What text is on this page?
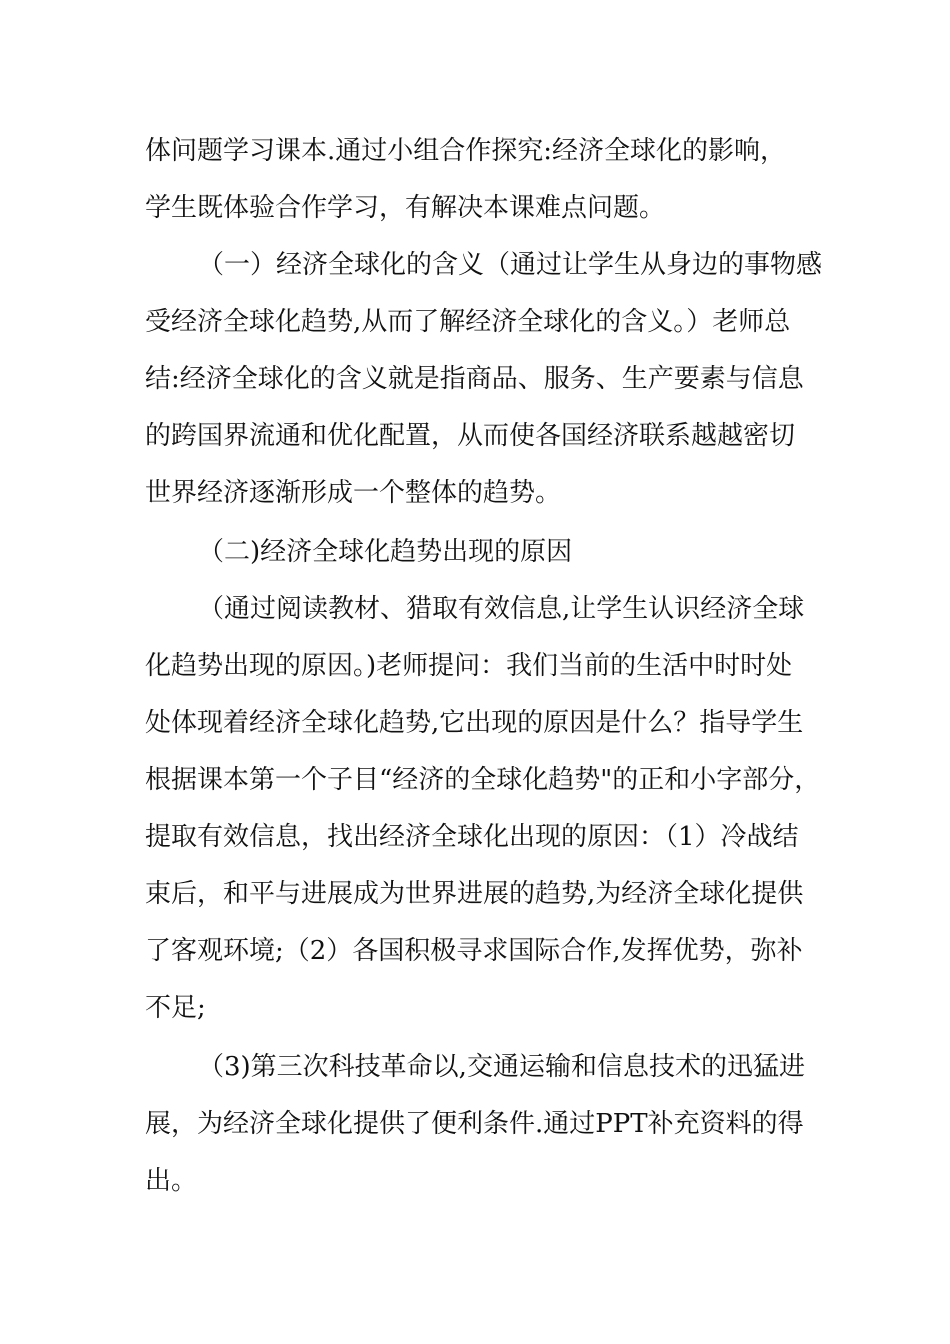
体问题学习课本.通过小组合作探究:经济全球化的影响，
学生既体验合作学习，有解决本课难点问题。
（一）经济全球化的含义（通过让学生从身边的事物感
受经济全球化趋势,从而了解经济全球化的含义。）老师总
结:经济全球化的含义就是指商品、服务、生产要素与信息
的跨国界流通和优化配置，从而使各国经济联系越越密切
世界经济逐渐形成一个整体的趋势。
（二)经济全球化趋势出现的原因
（通过阅读教材、猎取有效信息,让学生认识经济全球
化趋势出现的原因。)老师提问：我们当前的生活中时时处
处体现着经济全球化趋势,它出现的原因是什么？指导学生
根据课本第一个子目“经济的全球化趋势"的正和小字部分，
提取有效信息，找出经济全球化出现的原因：（1）冷战结
束后，和平与进展成为世界进展的趋势,为经济全球化提供
了客观环境;（2）各国积极寻求国际合作,发挥优势，弥补
不足;
（3)第三次科技革命以,交通运输和信息技术的迅猛进
展，为经济全球化提供了便利条件.通过PPT补充资料的得
出。
